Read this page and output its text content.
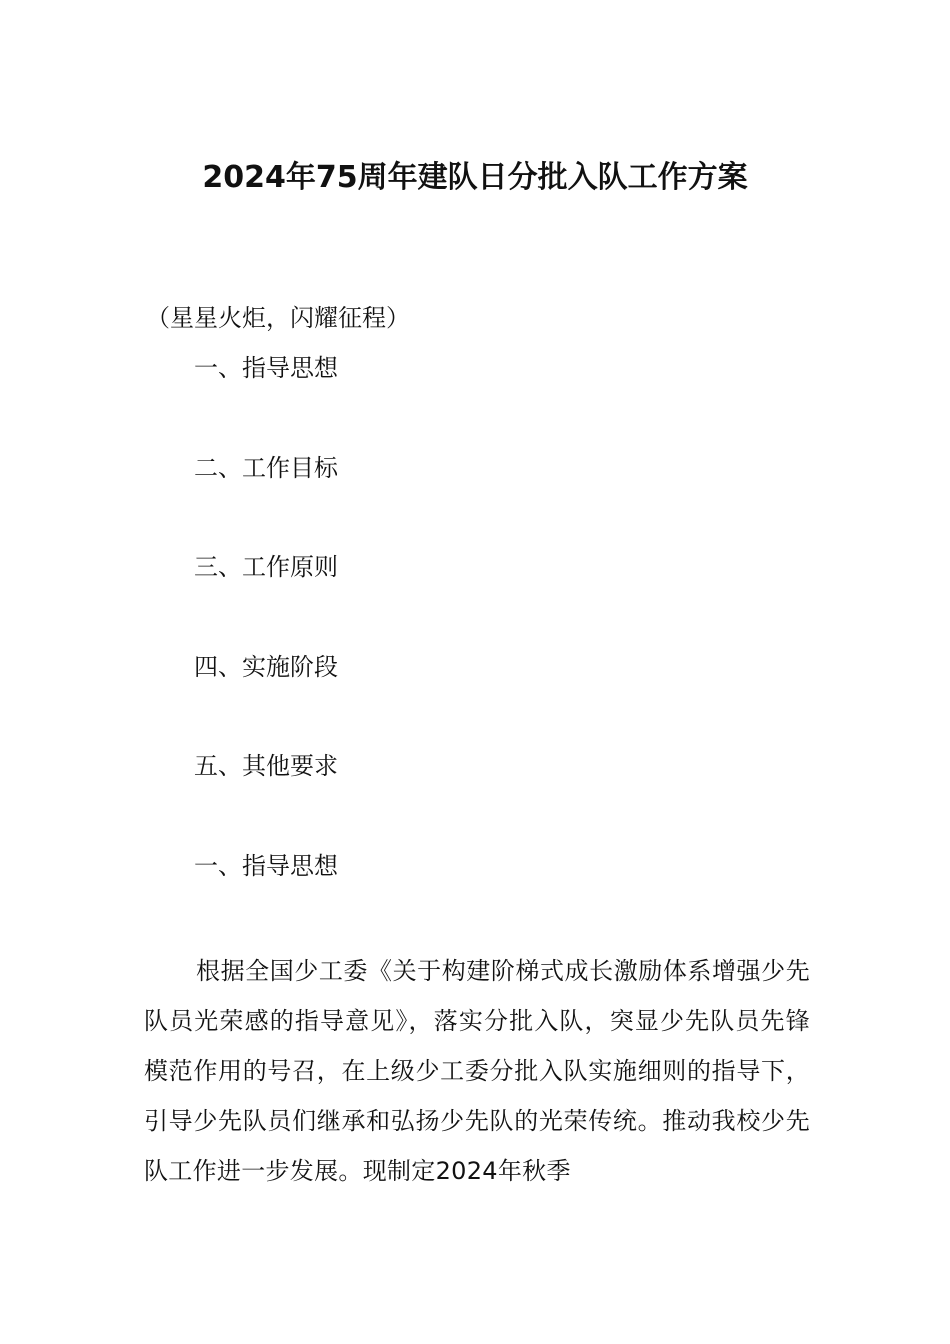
2024年75周年建队日分批入队工作方案
（星星火炬，闪耀征程）
一、指导思想
二、工作目标
三、工作原则
四、实施阶段
五、其他要求
一、指导思想
根据全国少工委《关于构建阶梯式成长激励体系增强少先队员光荣感的指导意见》，落实分批入队，突显少先队员先锋模范作用的号召，在上级少工委分批入队实施细则的指导下，引导少先队员们继承和弘扬少先队的光荣传统。推动我校少先队工作进一步发展。现制定2024年秋季
